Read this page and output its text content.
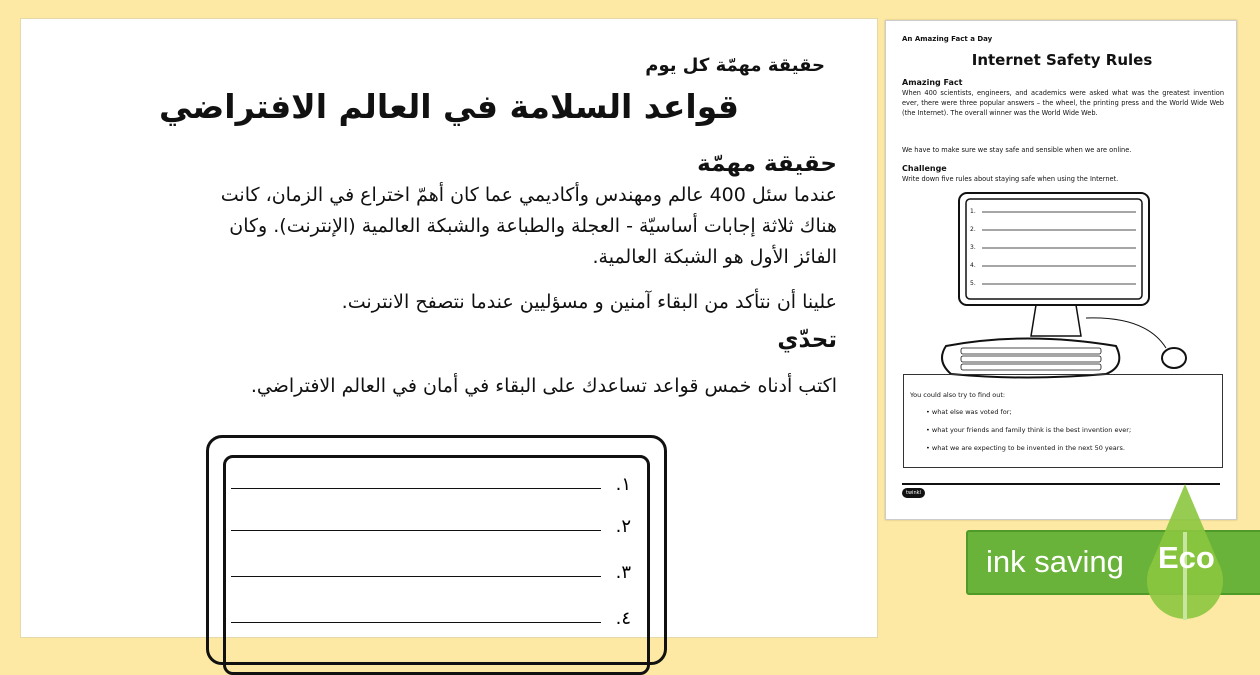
حقيقة مهمّة كل يوم
قواعد السلامة في العالم الافتراضي
حقيقة مهمّة
عندما سئل 400 عالم ومهندس وأكاديمي عما كان أهمّ اختراع في الزمان، كانت
هناك ثلاثة إجابات أساسيّة - العجلة والطباعة والشبكة العالمية (الإنترنت). وكان
الفائز الأول هو الشبكة العالمية.
علينا أن نتأكد من البقاء آمنين و مسؤليين عندما نتصفح الانترنت.
تحدّي
اكتب أدناه خمس قواعد تساعدك على البقاء في أمان في العالم الافتراضي.
١.
٢.
٣.
٤.
An Amazing Fact a Day
Internet Safety Rules
Amazing Fact
When 400 scientists, engineers, and academics were asked what was the greatest invention ever, there were three popular answers – the wheel, the printing press and the World Wide Web (the Internet). The overall winner was the World Wide Web.
We have to make sure we stay safe and sensible when we are online.
Challenge
Write down five rules about staying safe when using the Internet.
1.
2.
3.
4.
5.
You could also try to find out:
• what else was voted for;
• what your friends and family think is the best invention ever;
• what we are expecting to be invented in the next 50 years.
twinkl
ink saving Eco
